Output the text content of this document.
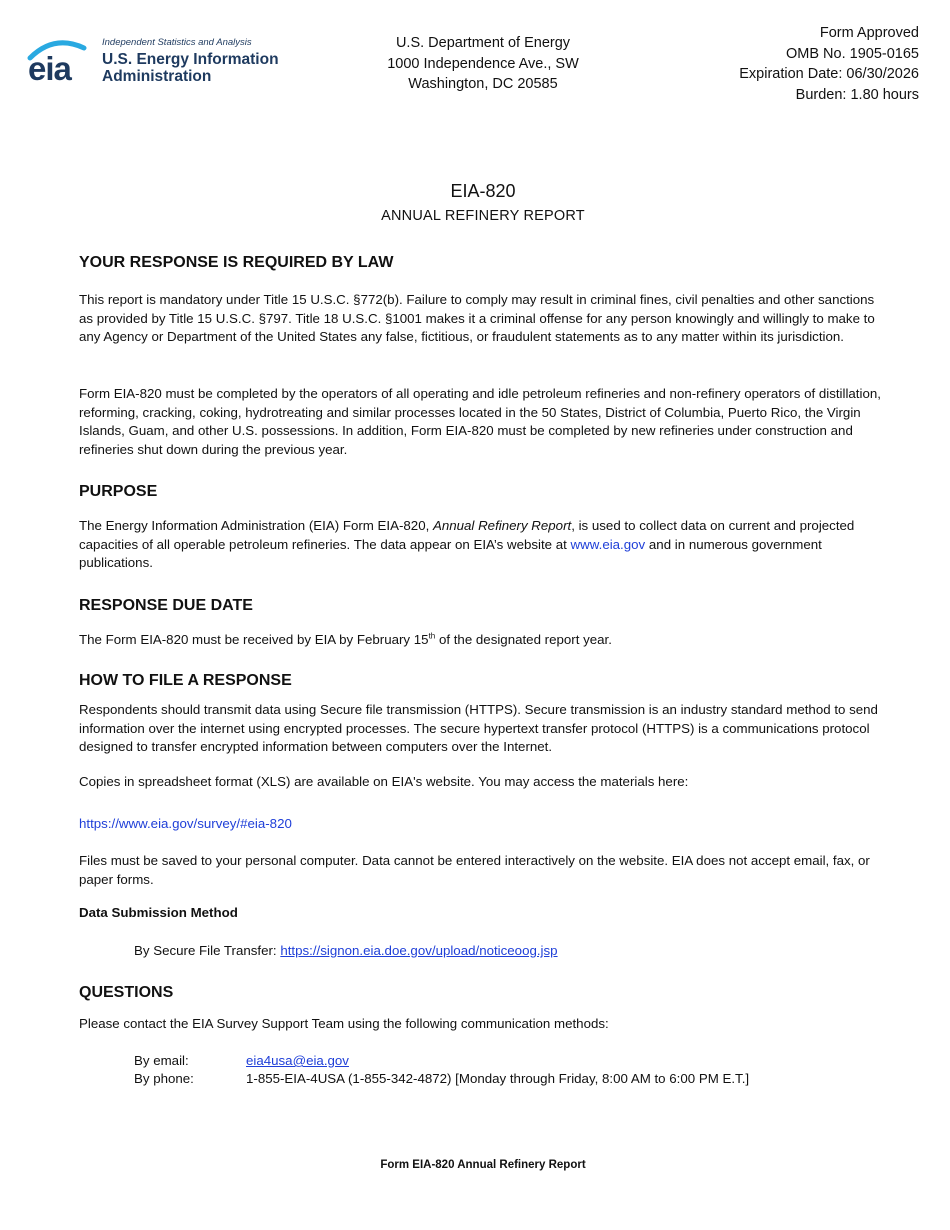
eia
Independent Statistics and Analysis
U.S. Energy Information
Administration
U.S. Department of Energy
1000 Independence Ave., SW
Washington, DC 20585
Form Approved
OMB No. 1905-0165
Expiration Date: 06/30/2026
Burden: 1.80 hours
EIA-820
ANNUAL REFINERY REPORT
YOUR RESPONSE IS REQUIRED BY LAW
This report is mandatory under Title 15 U.S.C. §772(b). Failure to comply may result in criminal fines, civil penalties and other sanctions as provided by Title 15 U.S.C. §797. Title 18 U.S.C. §1001 makes it a criminal offense for any person knowingly and willingly to make to any Agency or Department of the United States any false, fictitious, or fraudulent statements as to any matter within its jurisdiction.
Form EIA-820 must be completed by the operators of all operating and idle petroleum refineries and non-refinery operators of distillation, reforming, cracking, coking, hydrotreating and similar processes located in the 50 States, District of Columbia, Puerto Rico, the Virgin Islands, Guam, and other U.S. possessions. In addition, Form EIA-820 must be completed by new refineries under construction and refineries shut down during the previous year.
PURPOSE
The Energy Information Administration (EIA) Form EIA-820, Annual Refinery Report, is used to collect data on current and projected capacities of all operable petroleum refineries. The data appear on EIA’s website at www.eia.gov and in numerous government publications.
RESPONSE DUE DATE
The Form EIA-820 must be received by EIA by February 15th of the designated report year.
HOW TO FILE A RESPONSE
Respondents should transmit data using Secure file transmission (HTTPS). Secure transmission is an industry standard method to send information over the internet using encrypted processes. The secure hypertext transfer protocol (HTTPS) is a communications protocol designed to transfer encrypted information between computers over the Internet.
Copies in spreadsheet format (XLS) are available on EIA's website. You may access the materials here:
https://www.eia.gov/survey/#eia-820
Files must be saved to your personal computer. Data cannot be entered interactively on the website. EIA does not accept email, fax, or paper forms.
Data Submission Method
By Secure File Transfer: https://signon.eia.doe.gov/upload/noticeoog.jsp
QUESTIONS
Please contact the EIA Survey Support Team using the following communication methods:
By email:	eia4usa@eia.gov
By phone:	1-855-EIA-4USA (1-855-342-4872) [Monday through Friday, 8:00 AM to 6:00 PM E.T.]
Form EIA-820 Annual Refinery Report
